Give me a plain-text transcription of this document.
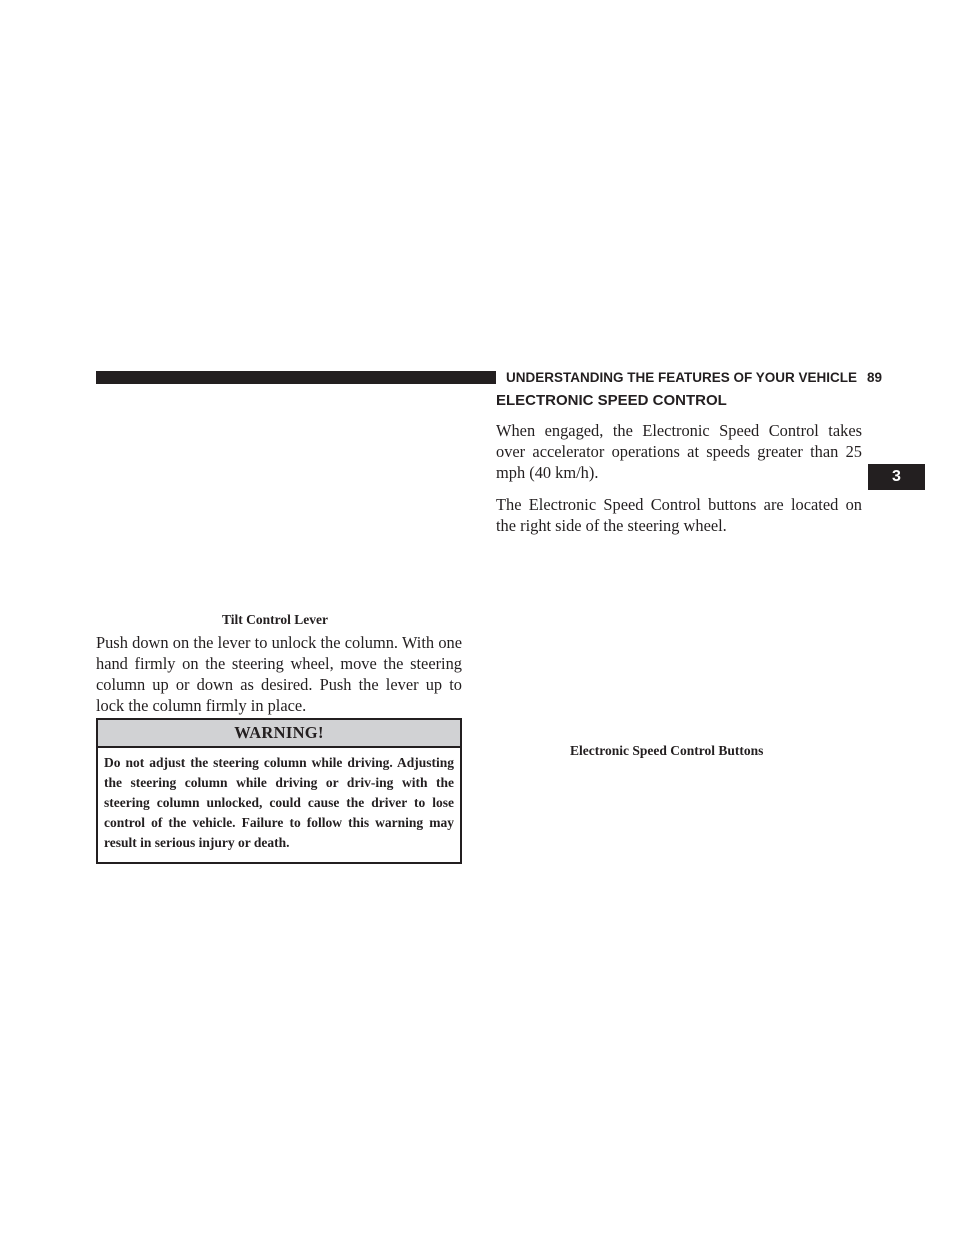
UNDERSTANDING THE FEATURES OF YOUR VEHICLE 89
3
Tilt Control Lever

Push down on the lever to unlock the column. With one hand firmly on the steering wheel, move the steering column up or down as desired. Push the lever up to lock the column firmly in place.

WARNING!

Do not adjust the steering column while driving. Adjusting the steering column while driving or driv-ing with the steering column unlocked, could cause the driver to lose control of the vehicle. Failure to follow this warning may result in serious injury or death.

ELECTRONIC SPEED CONTROL

When engaged, the Electronic Speed Control takes over accelerator operations at speeds greater than 25 mph (40 km/h).

The Electronic Speed Control buttons are located on the right side of the steering wheel.

Electronic Speed Control Buttons
